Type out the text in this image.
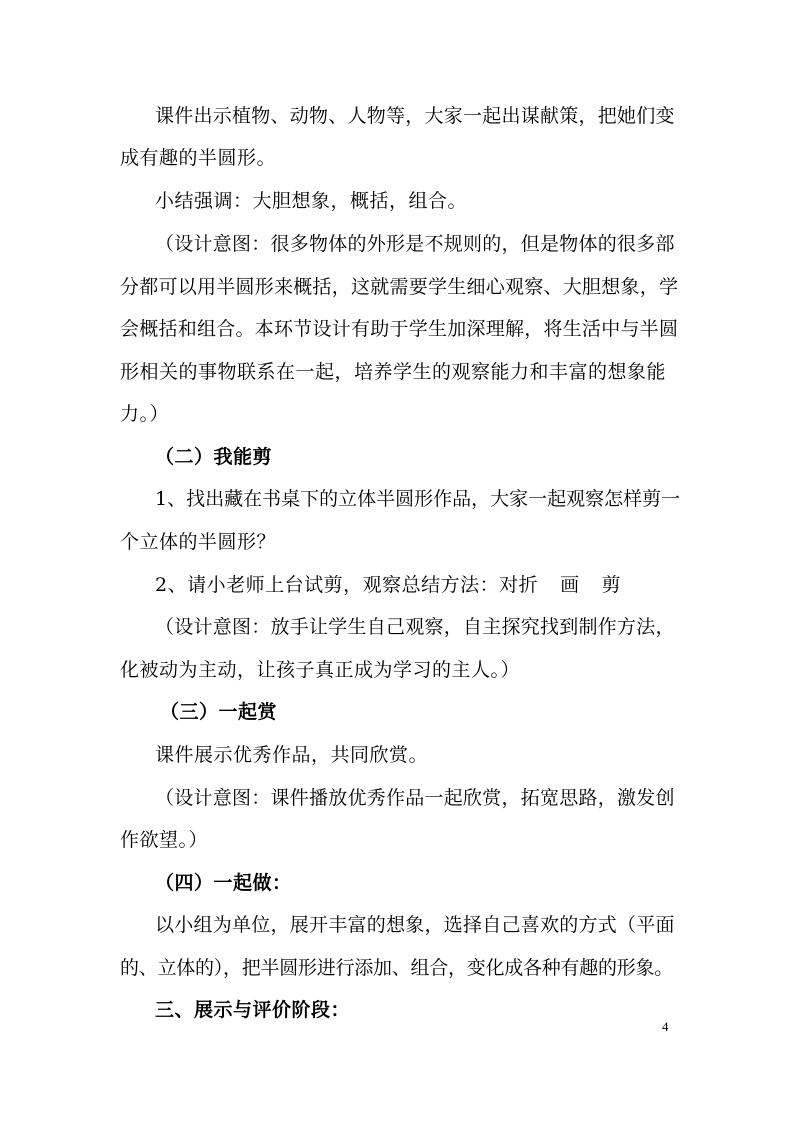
课件出示植物、动物、人物等，大家一起出谋献策，把她们变
成有趣的半圆形。
小结强调：大胆想象，概括，组合。
（设计意图：很多物体的外形是不规则的，但是物体的很多部
分都可以用半圆形来概括，这就需要学生细心观察、大胆想象，学
会概括和组合。本环节设计有助于学生加深理解，将生活中与半圆
形相关的事物联系在一起，培养学生的观察能力和丰富的想象能
力。）
（二）我能剪
1、找出藏在书桌下的立体半圆形作品，大家一起观察怎样剪一
个立体的半圆形？
2、请小老师上台试剪，观察总结方法：对折 画 剪
（设计意图：放手让学生自己观察，自主探究找到制作方法，
化被动为主动，让孩子真正成为学习的主人。）
（三）一起赏
课件展示优秀作品，共同欣赏。
（设计意图：课件播放优秀作品一起欣赏，拓宽思路，激发创
作欲望。）
（四）一起做：
以小组为单位，展开丰富的想象，选择自己喜欢的方式（平面
的、立体的），把半圆形进行添加、组合，变化成各种有趣的形象。
三、展示与评价阶段：
4
